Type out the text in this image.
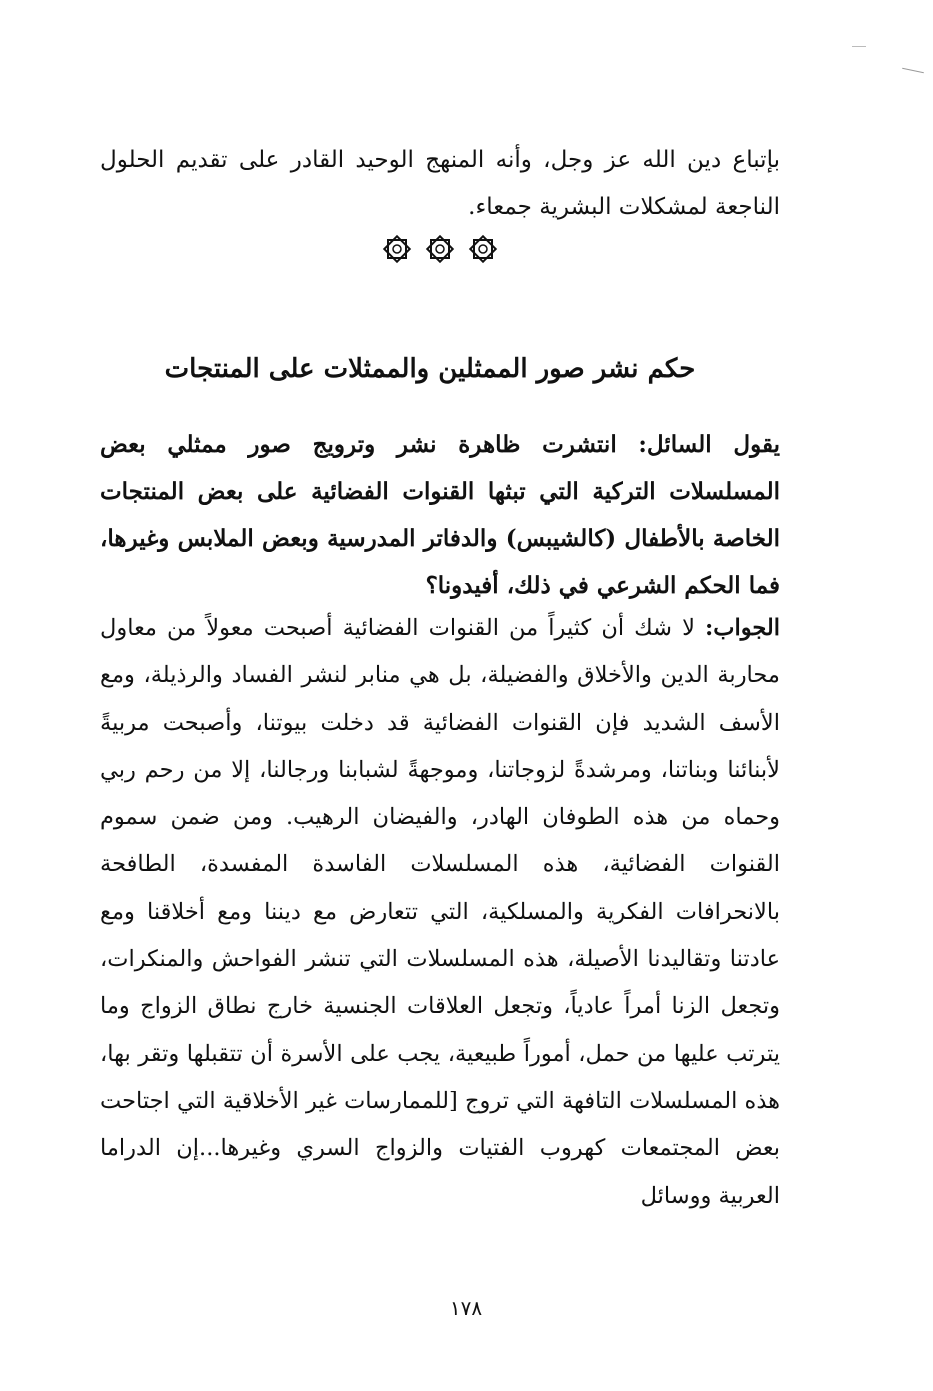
بإتباع دين الله عز وجل، وأنه المنهج الوحيد القادر على تقديم الحلول الناجعة لمشكلات البشرية جمعاء.

حكم نشر صور الممثلين والممثلات على المنتجات

يقول السائل: انتشرت ظاهرة نشر وترويج صور ممثلي بعض المسلسلات التركية التي تبثها القنوات الفضائية على بعض المنتجات الخاصة بالأطفال (كالشيبس) والدفاتر المدرسية وبعض الملابس وغيرها، فما الحكم الشرعي في ذلك، أفيدونا؟

الجواب: لا شك أن كثيراً من القنوات الفضائية أصبحت معولاً من معاول محاربة الدين والأخلاق والفضيلة، بل هي منابر لنشر الفساد والرذيلة، ومع الأسف الشديد فإن القنوات الفضائية قد دخلت بيوتنا، وأصبحت مربيةً لأبنائنا وبناتنا، ومرشدةً لزوجاتنا، وموجهةً لشبابنا ورجالنا، إلا من رحم ربي وحماه من هذه الطوفان الهادر، والفيضان الرهيب. ومن ضمن سموم القنوات الفضائية، هذه المسلسلات الفاسدة المفسدة، الطافحة بالانحرافات الفكرية والمسلكية، التي تتعارض مع ديننا ومع أخلاقنا ومع عادتنا وتقاليدنا الأصيلة، هذه المسلسلات التي تنشر الفواحش والمنكرات، وتجعل الزنا أمراً عادياً، وتجعل العلاقات الجنسية خارج نطاق الزواج وما يترتب عليها من حمل، أموراً طبيعية، يجب على الأسرة أن تتقبلها وتقر بها، هذه المسلسلات التافهة التي تروج [للممارسات غير الأخلاقية التي اجتاحت بعض المجتمعات كهروب الفتيات والزواج السري وغيرها...إن الدراما العربية ووسائل

١٧٨
